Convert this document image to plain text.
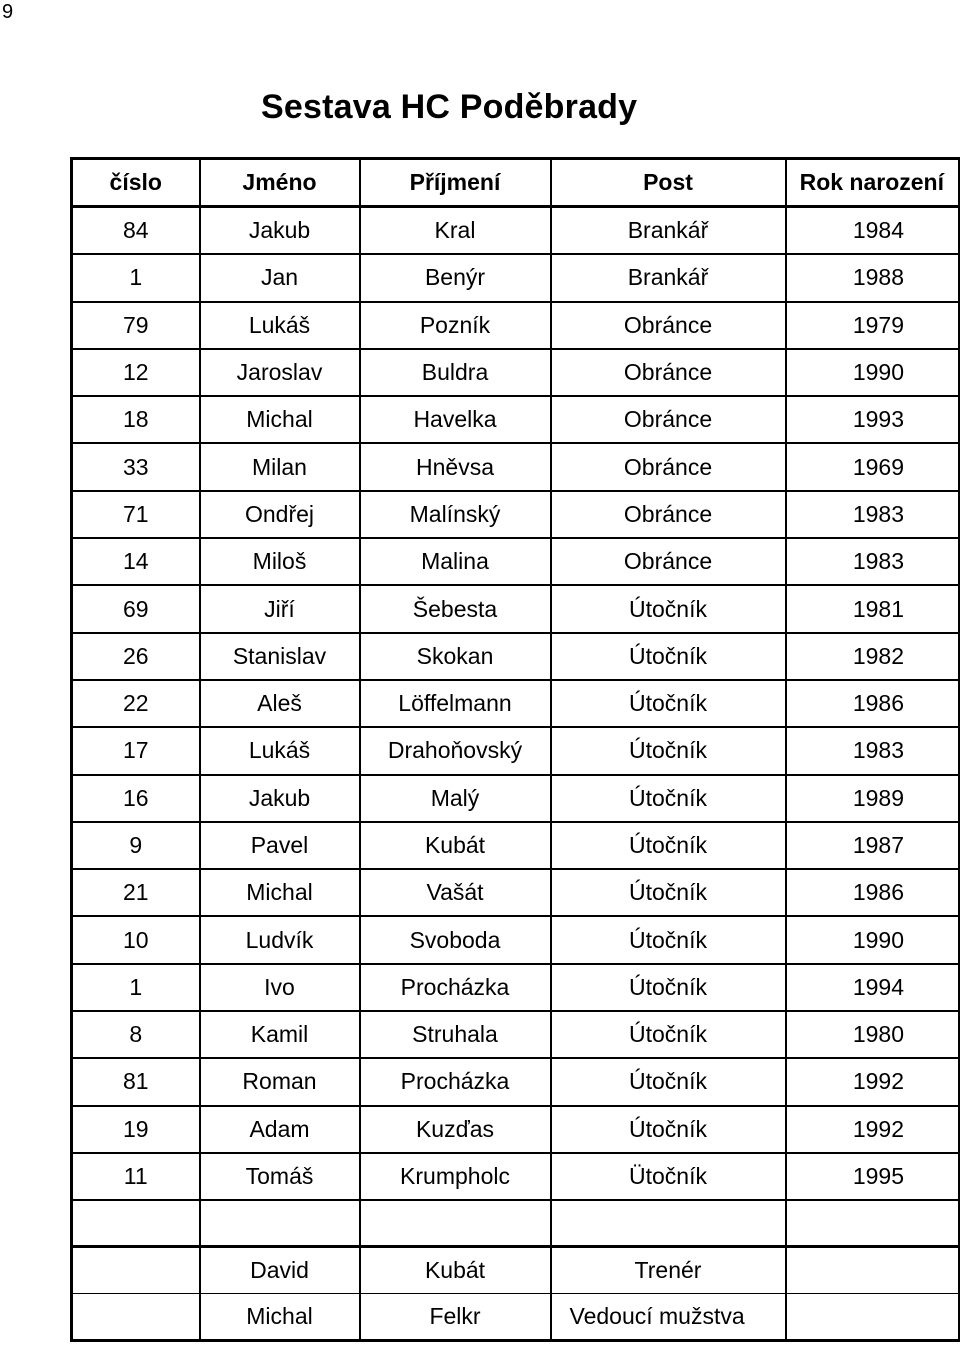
9
Sestava HC Poděbrady
číslo	Jméno	Příjmení	Post	Rok narození
84	Jakub	Kral	Brankář	1984
1	Jan	Benýr	Brankář	1988
79	Lukáš	Pozník	Obránce	1979
12	Jaroslav	Buldra	Obránce	1990
18	Michal	Havelka	Obránce	1993
33	Milan	Hněvsa	Obránce	1969
71	Ondřej	Malínský	Obránce	1983
14	Miloš	Malina	Obránce	1983
69	Jiří	Šebesta	Útočník	1981
26	Stanislav	Skokan	Útočník	1982
22	Aleš	Löffelmann	Útočník	1986
17	Lukáš	Drahoňovský	Útočník	1983
16	Jakub	Malý	Útočník	1989
9	Pavel	Kubát	Útočník	1987
21	Michal	Vašát	Útočník	1986
10	Ludvík	Svoboda	Útočník	1990
1	Ivo	Procházka	Útočník	1994
8	Kamil	Struhala	Útočník	1980
81	Roman	Procházka	Útočník	1992
19	Adam	Kuzďas	Útočník	1992
11	Tomáš	Krumpholc	Ütočník	1995

	David	Kubát	Trenér	
	Michal	Felkr	Vedoucí mužstva	
